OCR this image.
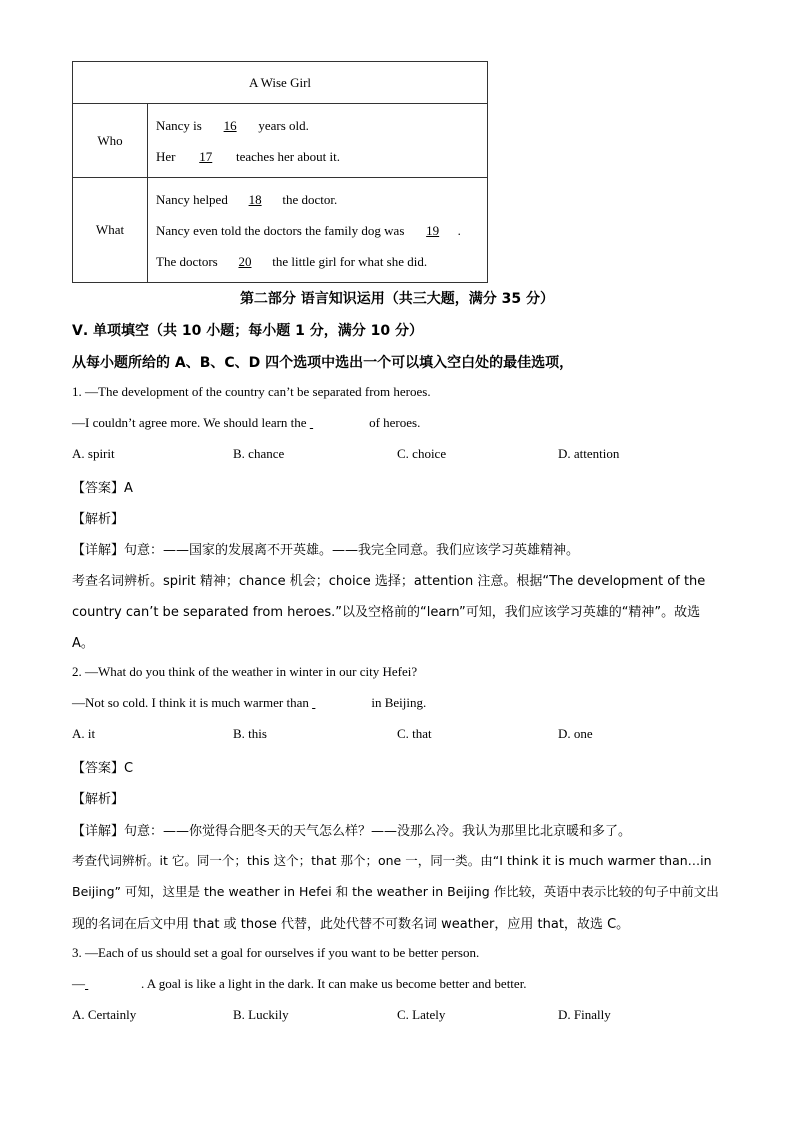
A Wise Girl	
Who	Nancy is 16 years old.
Her 17 teaches her about it.

What	Nancy helped 18 the doctor.
Nancy even told the doctors the family dog was 19 .
The doctors 20 the little girl for what she did.
第二部分 语言知识运用（共三大题，满分 35 分）
Ⅴ. 单项填空（共 10 小题；每小题 1 分，满分 10 分）
从每小题所给的 A、B、C、D 四个选项中选出一个可以填入空白处的最佳选项，
1. —The development of the country can’t be separated from heroes.
—I couldn’t agree more. We should learn the	of heroes.
A. spirit	B. chance	C. choice	D. attention
【答案】A
【解析】
【详解】句意：——国家的发展离不开英雄。——我完全同意。我们应该学习英雄精神。
考查名词辨析。spirit 精神；chance 机会；choice 选择；attention 注意。根据“The development of the
country can’t be separated from heroes.”以及空格前的“learn”可知，我们应该学习英雄的“精神”。故选
A。
2. —What do you think of the weather in winter in our city Hefei?
—Not so cold. I think it is much warmer than	in Beijing.
A. it	B. this	C. that	D. one
【答案】C
【解析】
【详解】句意：——你觉得合肥冬天的天气怎么样？——没那么冷。我认为那里比北京暖和多了。
考查代词辨析。it 它。同一个；this 这个；that 那个；one 一，同一类。由“I think it is much warmer than…in
Beijing” 可知，这里是 the weather in Hefei 和 the weather in Beijing 作比较，英语中表示比较的句子中前文出
现的名词在后文中用 that 或 those 代替，此处代替不可数名词 weather，应用 that，故选 C。
3. —Each of us should set a goal for ourselves if you want to be better person.
—	. A goal is like a light in the dark. It can make us become better and better.
A. Certainly	B. Luckily	C. Lately	D. Finally
